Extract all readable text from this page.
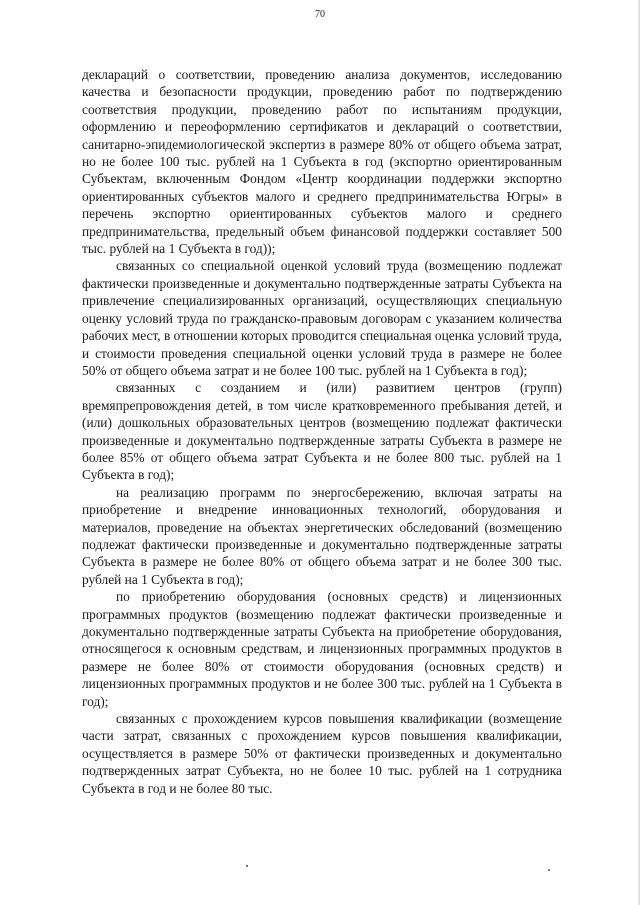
70

деклараций о соответствии, проведению анализа документов, исследованию качества и безопасности продукции, проведению работ по подтверждению соответствия продукции, проведению работ по испытаниям продукции, оформлению и переоформлению сертификатов и деклараций о соответствии, санитарно-эпидемиологической экспертиз в размере 80% от общего объема затрат, но не более 100 тыс. рублей на 1 Субъекта в год (экспортно ориентированным Субъектам, включенным Фондом «Центр координации поддержки экспортно ориентированных субъектов малого и среднего предпринимательства Югры» в перечень экспортно ориентированных субъектов малого и среднего предпринимательства, предельный объем финансовой поддержки составляет 500 тыс. рублей на 1 Субъекта в год));

связанных со специальной оценкой условий труда (возмещению подлежат фактически произведенные и документально подтвержденные затраты Субъекта на привлечение специализированных организаций, осуществляющих специальную оценку условий труда по гражданско-правовым договорам с указанием количества рабочих мест, в отношении которых проводится специальная оценка условий труда, и стоимости проведения специальной оценки условий труда в размере не более 50% от общего объема затрат и не более 100 тыс. рублей на 1 Субъекта в год);

связанных с созданием и (или) развитием центров (групп) времяпрепровождения детей, в том числе кратковременного пребывания детей, и (или) дошкольных образовательных центров (возмещению подлежат фактически произведенные и документально подтвержденные затраты Субъекта в размере не более 85% от общего объема затрат Субъекта и не более 800 тыс. рублей на 1 Субъекта в год);

на реализацию программ по энергосбережению, включая затраты на приобретение и внедрение инновационных технологий, оборудования и материалов, проведение на объектах энергетических обследований (возмещению подлежат фактически произведенные и документально подтвержденные затраты Субъекта в размере не более 80% от общего объема затрат и не более 300 тыс. рублей на 1 Субъекта в год);

по приобретению оборудования (основных средств) и лицензионных программных продуктов (возмещению подлежат фактически произведенные и документально подтвержденные затраты Субъекта на приобретение оборудования, относящегося к основным средствам, и лицензионных программных продуктов в размере не более 80% от стоимости оборудования (основных средств) и лицензионных программных продуктов и не более 300 тыс. рублей на 1 Субъекта в год);

связанных с прохождением курсов повышения квалификации (возмещение части затрат, связанных с прохождением курсов повышения квалификации, осуществляется в размере 50% от фактически произведенных и документально подтвержденных затрат Субъекта, но не более 10 тыс. рублей на 1 сотрудника Субъекта в год и не более 80 тыс.
